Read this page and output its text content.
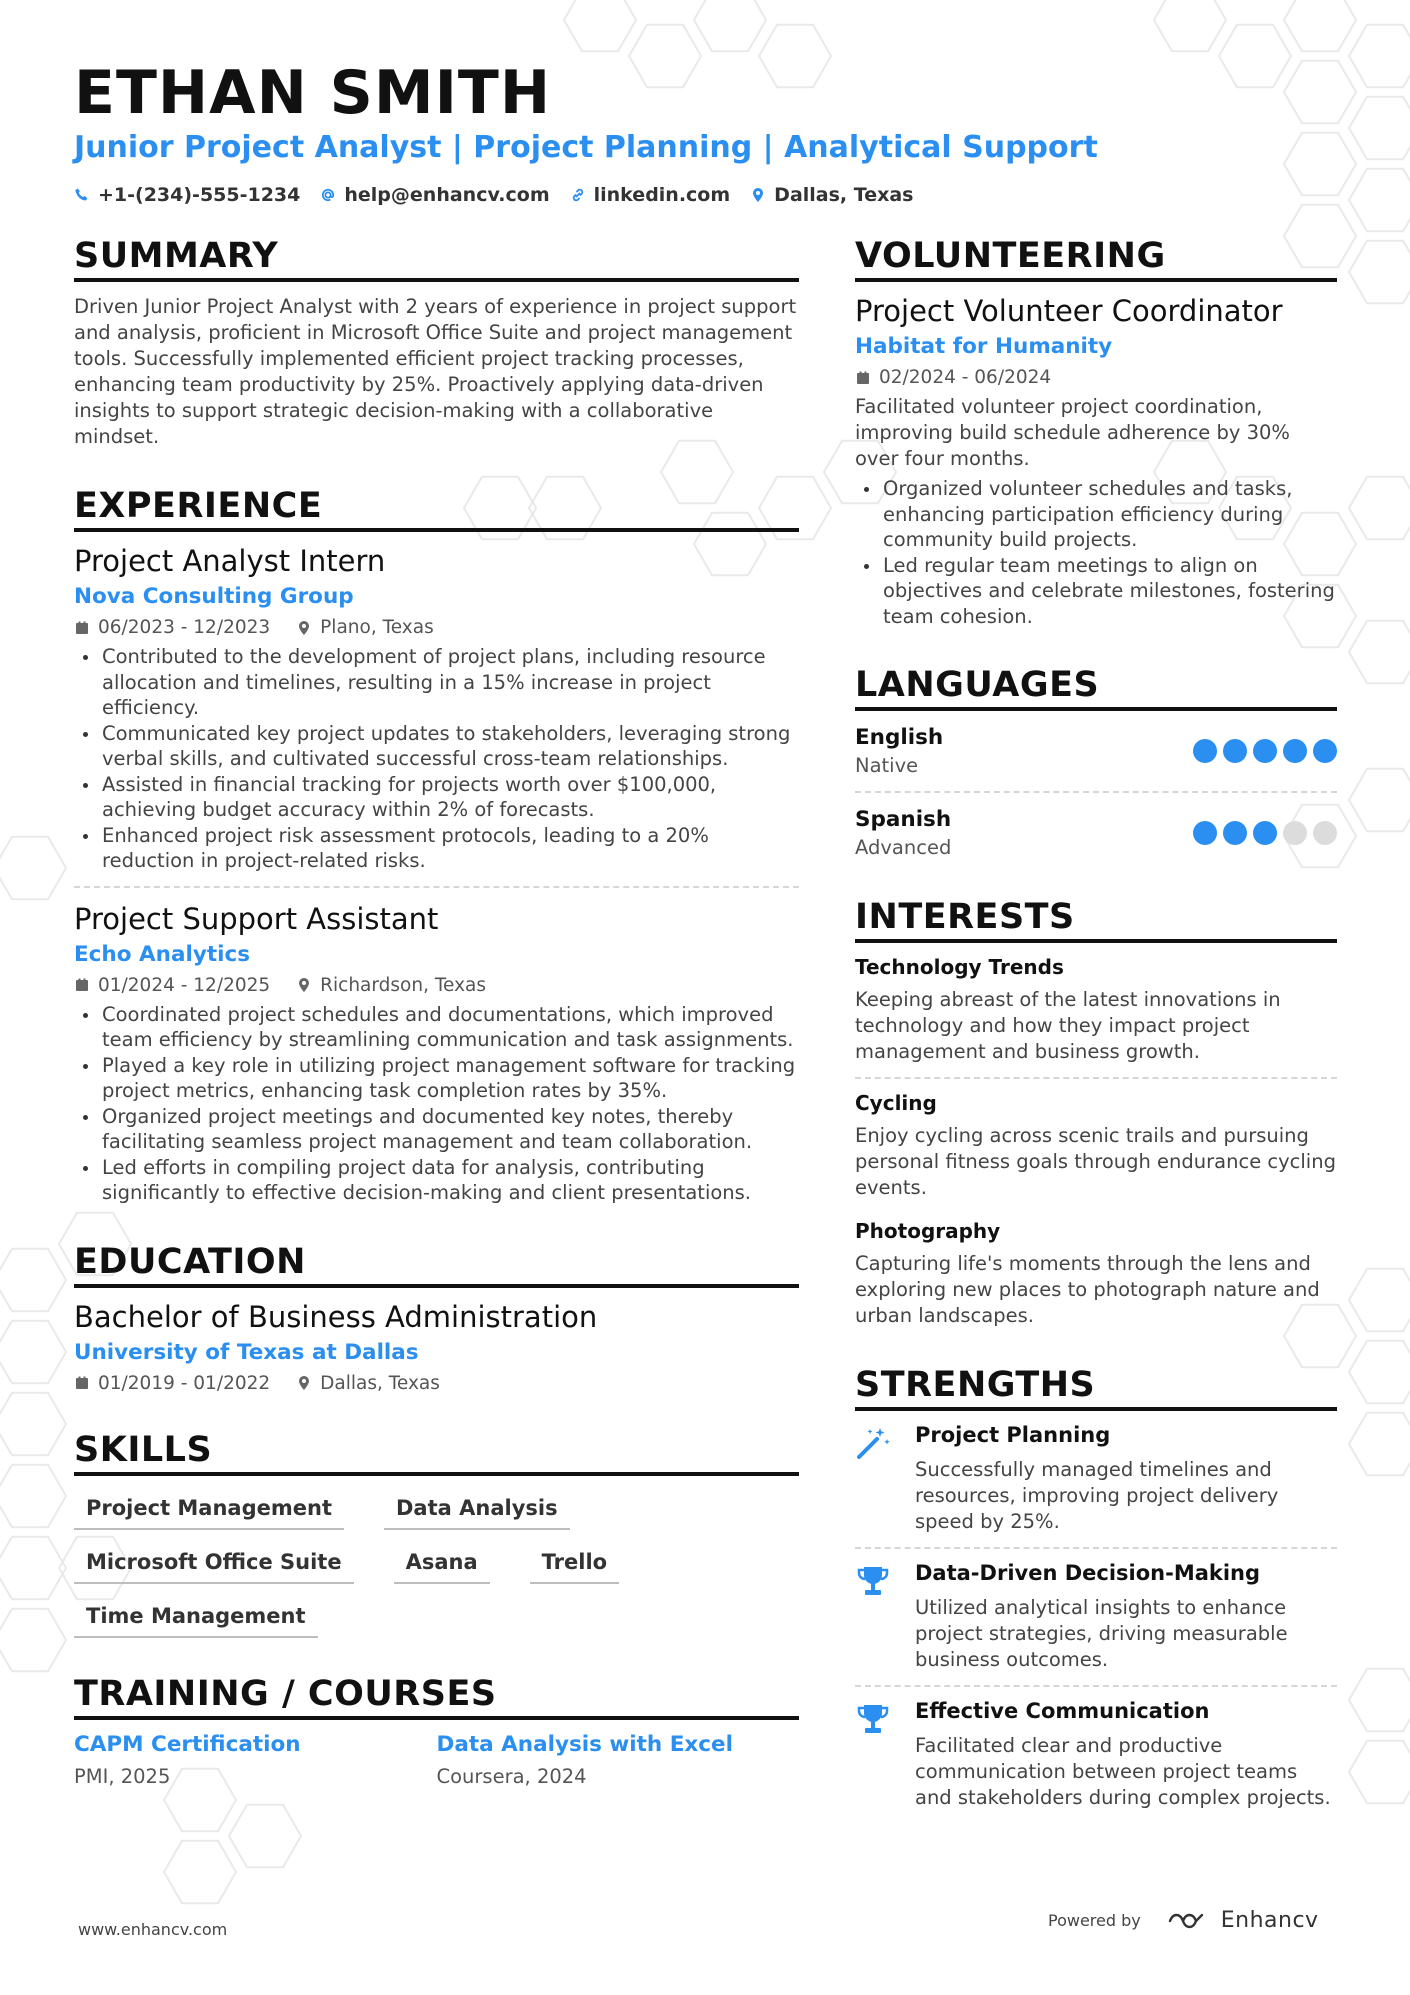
ETHAN SMITH
Junior Project Analyst | Project Planning | Analytical Support
+1-(234)-555-1234 help@enhancv.com linkedin.com Dallas, Texas
SUMMARY
Driven Junior Project Analyst with 2 years of experience in project support and analysis, proficient in Microsoft Office Suite and project management tools. Successfully implemented efficient project tracking processes, enhancing team productivity by 25%. Proactively applying data-driven insights to support strategic decision-making with a collaborative mindset.
EXPERIENCE
Project Analyst Intern
Nova Consulting Group
06/2023 - 12/2023	Plano, Texas
Contributed to the development of project plans, including resource allocation and timelines, resulting in a 15% increase in project efficiency.
Communicated key project updates to stakeholders, leveraging strong verbal skills, and cultivated successful cross-team relationships.
Assisted in financial tracking for projects worth over $100,000, achieving budget accuracy within 2% of forecasts.
Enhanced project risk assessment protocols, leading to a 20% reduction in project-related risks.
Project Support Assistant
Echo Analytics
01/2024 - 12/2025	Richardson, Texas
Coordinated project schedules and documentations, which improved team efficiency by streamlining communication and task assignments.
Played a key role in utilizing project management software for tracking project metrics, enhancing task completion rates by 35%.
Organized project meetings and documented key notes, thereby facilitating seamless project management and team collaboration.
Led efforts in compiling project data for analysis, contributing significantly to effective decision-making and client presentations.
EDUCATION
Bachelor of Business Administration
University of Texas at Dallas
01/2019 - 01/2022	Dallas, Texas
SKILLS
Project Management	Data Analysis
Microsoft Office Suite	Asana	Trello
Time Management
TRAINING / COURSES
CAPM Certification
PMI, 2025
Data Analysis with Excel
Coursera, 2024
VOLUNTEERING
Project Volunteer Coordinator
Habitat for Humanity
02/2024 - 06/2024
Facilitated volunteer project coordination, improving build schedule adherence by 30% over four months.
Organized volunteer schedules and tasks, enhancing participation efficiency during community build projects.
Led regular team meetings to align on objectives and celebrate milestones, fostering team cohesion.
LANGUAGES
English
Native
Spanish
Advanced
INTERESTS
Technology Trends
Keeping abreast of the latest innovations in technology and how they impact project management and business growth.
Cycling
Enjoy cycling across scenic trails and pursuing personal fitness goals through endurance cycling events.
Photography
Capturing life's moments through the lens and exploring new places to photograph nature and urban landscapes.
STRENGTHS
Project Planning
Successfully managed timelines and resources, improving project delivery speed by 25%.
Data-Driven Decision-Making
Utilized analytical insights to enhance project strategies, driving measurable business outcomes.
Effective Communication
Facilitated clear and productive communication between project teams and stakeholders during complex projects.
www.enhancv.com	Powered by	Enhancv
